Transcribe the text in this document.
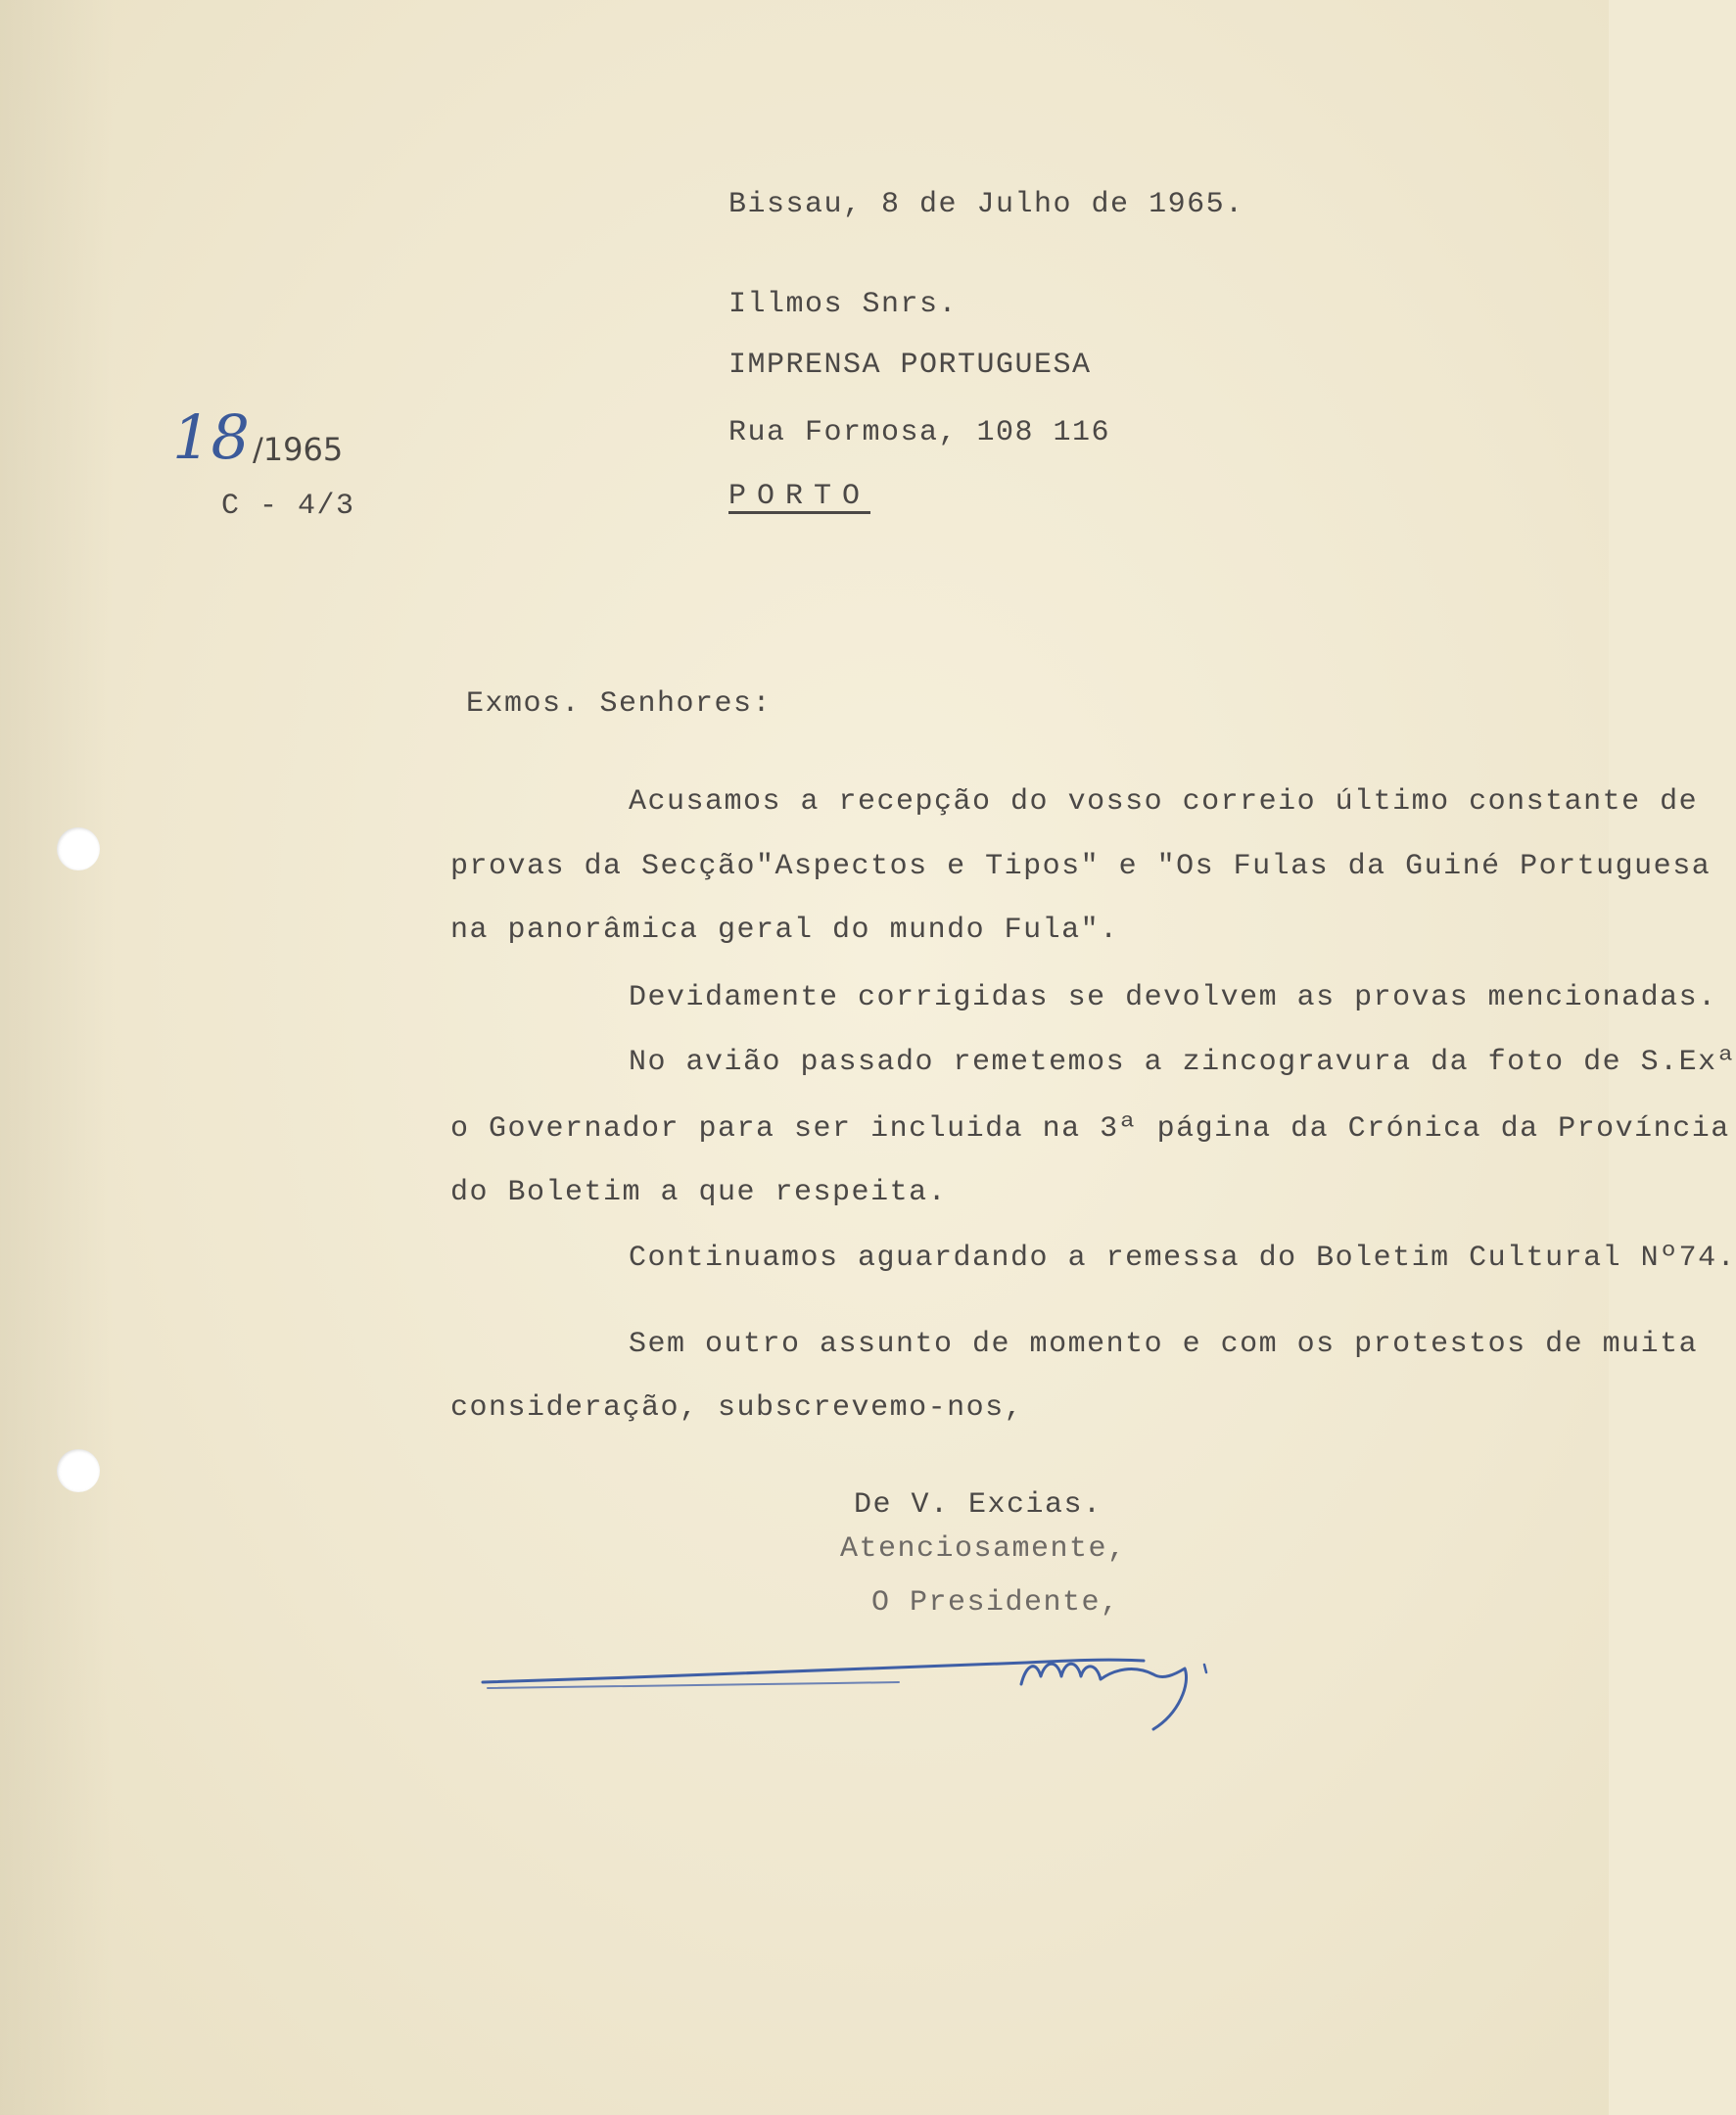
Bissau, 8 de Julho de 1965.
Illmos Snrs.
IMPRENSA PORTUGUESA
Rua Formosa, 108 116
PORTO
18 /1965
C - 4/3
Exmos. Senhores:
Acusamos a recepção do vosso correio último constante de
provas da Secção"Aspectos e Tipos" e "Os Fulas da Guiné Portuguesa
na panorâmica geral do mundo Fula".
Devidamente corrigidas se devolvem as provas mencionadas.
No avião passado remetemos a zincogravura da foto de S.Exª
o Governador para ser incluida na 3ª página da Crónica da Província
do Boletim a que respeita.
Continuamos aguardando a remessa do Boletim Cultural Nº74.
Sem outro assunto de momento e com os protestos de muita
consideração, subscrevemo-nos,
De V. Excias.
Atenciosamente,
O Presidente,
